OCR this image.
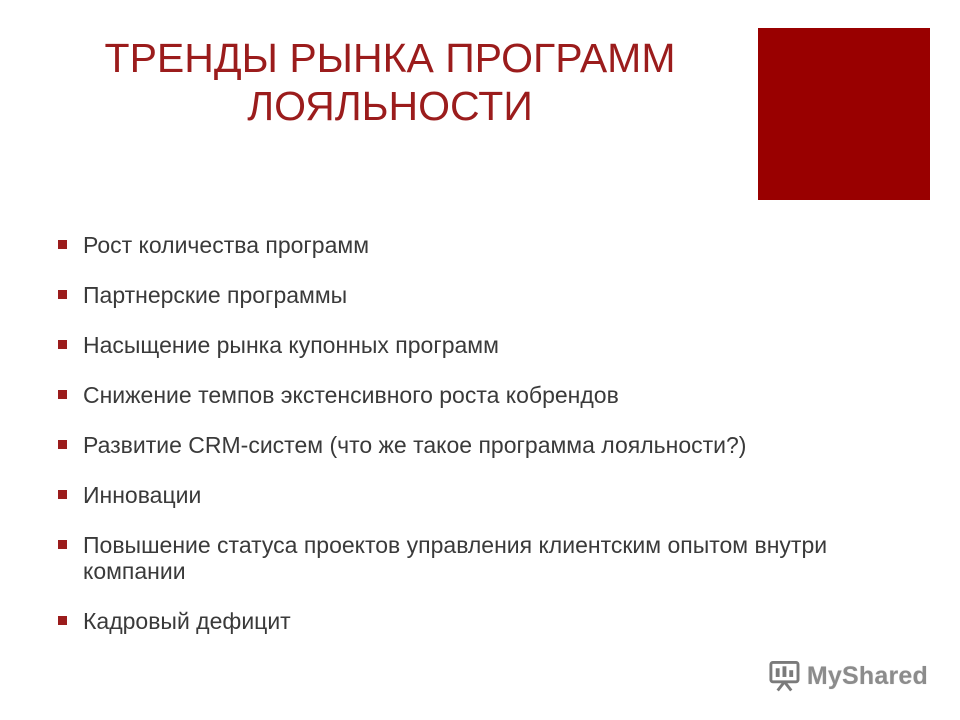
ТРЕНДЫ РЫНКА ПРОГРАММ
ЛОЯЛЬНОСТИ
Рост количества программ
Партнерские программы
Насыщение рынка купонных программ
Снижение темпов экстенсивного роста кобрендов
Развитие CRM-систем (что же такое программа лояльности?)
Инновации
Повышение статуса проектов управления клиентским опытом внутри компании
Кадровый дефицит
MyShared
